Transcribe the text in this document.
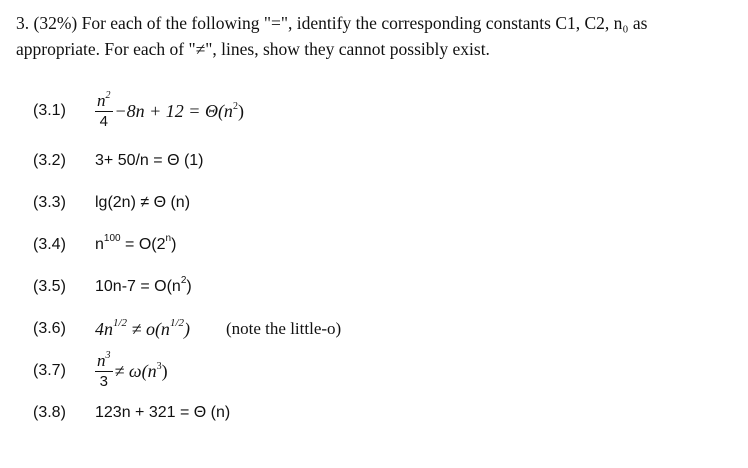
3. (32%) For each of the following "=", identify the corresponding constants C1, C2, n₀ as
appropriate. For each of "≠", lines, show they cannot possibly exist.
(3.1)	$\frac{n^2}{4} -8n + 12 = \Theta(n^2)$
(3.2)	3+ 50/n = Θ (1)
(3.3)	lg(2n) ≠ Θ (n)
(3.4)	$n^{100} = O(2^n)$
(3.5)	$10n-7 = O(n^2)$
(3.6)	$4n^{1/2} \ne o(n^{1/2})$ (note the little-o)
(3.7)	$\frac{n^3}{3} \ne \omega(n^3)$
(3.8)	123n + 321 = Θ (n)
